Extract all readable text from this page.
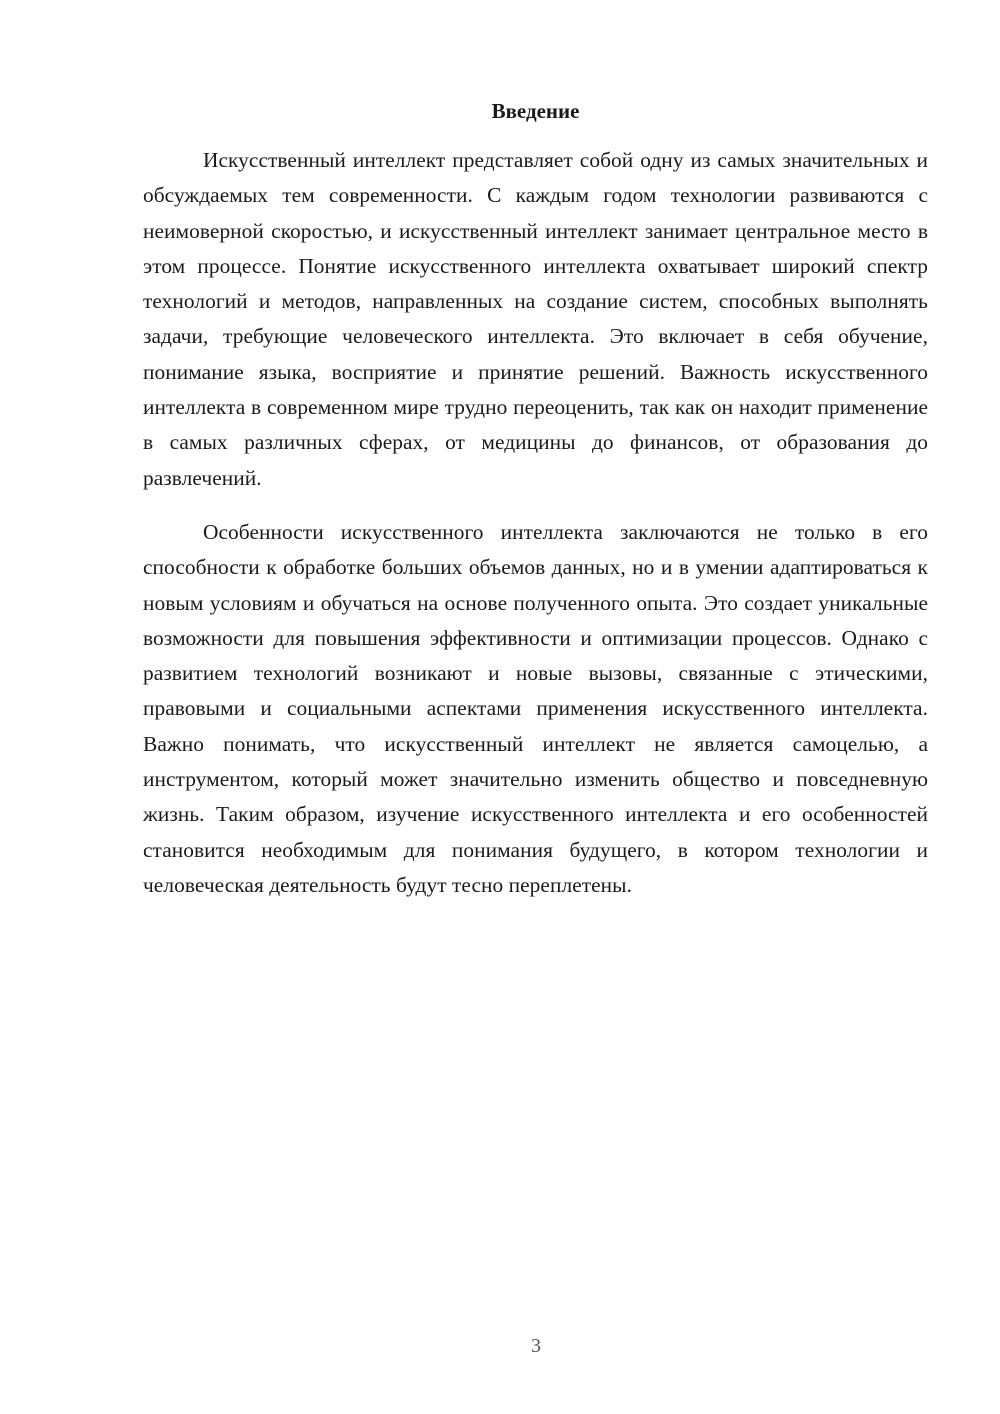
Введение

Искусственный интеллект представляет собой одну из самых значительных и обсуждаемых тем современности. С каждым годом технологии развиваются с неимоверной скоростью, и искусственный интеллект занимает центральное место в этом процессе. Понятие искусственного интеллекта охватывает широкий спектр технологий и методов, направленных на создание систем, способных выполнять задачи, требующие человеческого интеллекта. Это включает в себя обучение, понимание языка, восприятие и принятие решений. Важность искусственного интеллекта в современном мире трудно переоценить, так как он находит применение в самых различных сферах, от медицины до финансов, от образования до развлечений.

Особенности искусственного интеллекта заключаются не только в его способности к обработке больших объемов данных, но и в умении адаптироваться к новым условиям и обучаться на основе полученного опыта. Это создает уникальные возможности для повышения эффективности и оптимизации процессов. Однако с развитием технологий возникают и новые вызовы, связанные с этическими, правовыми и социальными аспектами применения искусственного интеллекта. Важно понимать, что искусственный интеллект не является самоцелью, а инструментом, который может значительно изменить общество и повседневную жизнь. Таким образом, изучение искусственного интеллекта и его особенностей становится необходимым для понимания будущего, в котором технологии и человеческая деятельность будут тесно переплетены.

3
